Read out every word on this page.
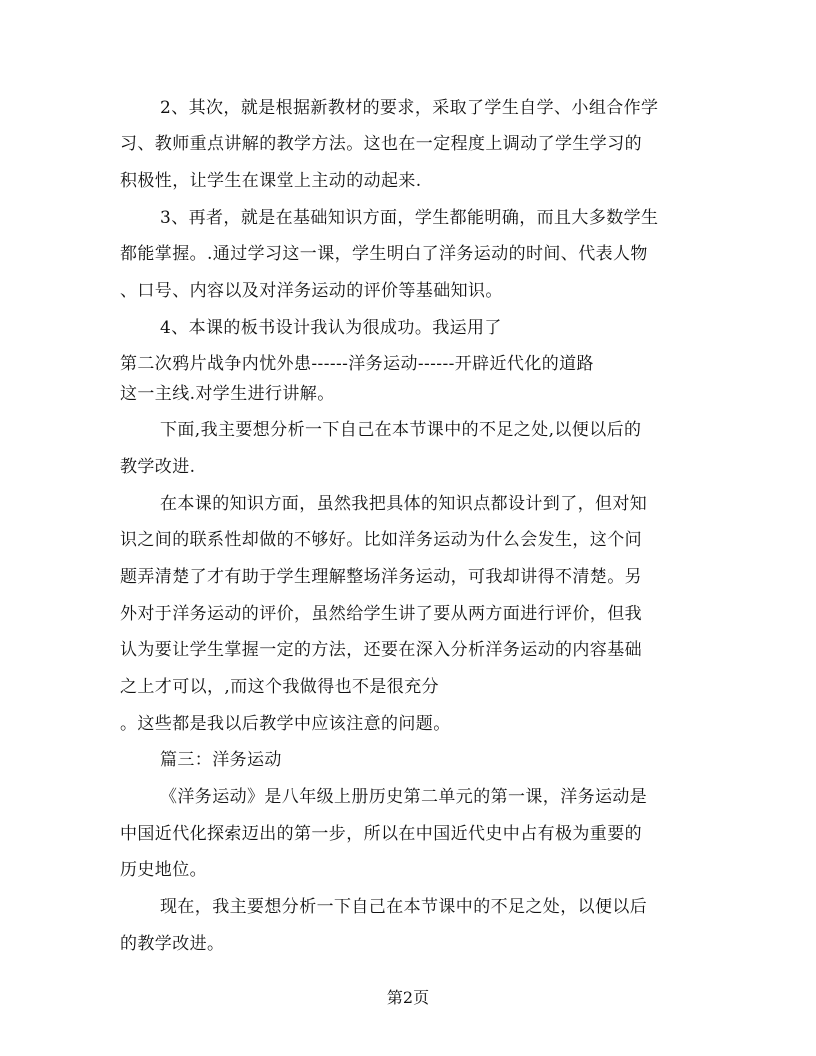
2、其次，就是根据新教材的要求，采取了学生自学、小组合作学
习、教师重点讲解的教学方法。这也在一定程度上调动了学生学习的
积极性，让学生在课堂上主动的动起来.
3、再者，就是在基础知识方面，学生都能明确，而且大多数学生
都能掌握。.通过学习这一课，学生明白了洋务运动的时间、代表人物
、口号、内容以及对洋务运动的评价等基础知识。
4、本课的板书设计我认为很成功。我运用了
第二次鸦片战争内忧外患------洋务运动------开辟近代化的道路
这一主线.对学生进行讲解。
下面,我主要想分析一下自己在本节课中的不足之处,以便以后的
教学改进.
在本课的知识方面，虽然我把具体的知识点都设计到了，但对知
识之间的联系性却做的不够好。比如洋务运动为什么会发生，这个问
题弄清楚了才有助于学生理解整场洋务运动，可我却讲得不清楚。另
外对于洋务运动的评价，虽然给学生讲了要从两方面进行评价，但我
认为要让学生掌握一定的方法，还要在深入分析洋务运动的内容基础
之上才可以，,而这个我做得也不是很充分
。这些都是我以后教学中应该注意的问题。
篇三：洋务运动
《洋务运动》是八年级上册历史第二单元的第一课，洋务运动是
中国近代化探索迈出的第一步，所以在中国近代史中占有极为重要的
历史地位。
现在，我主要想分析一下自己在本节课中的不足之处，以便以后
的教学改进。
第2页
